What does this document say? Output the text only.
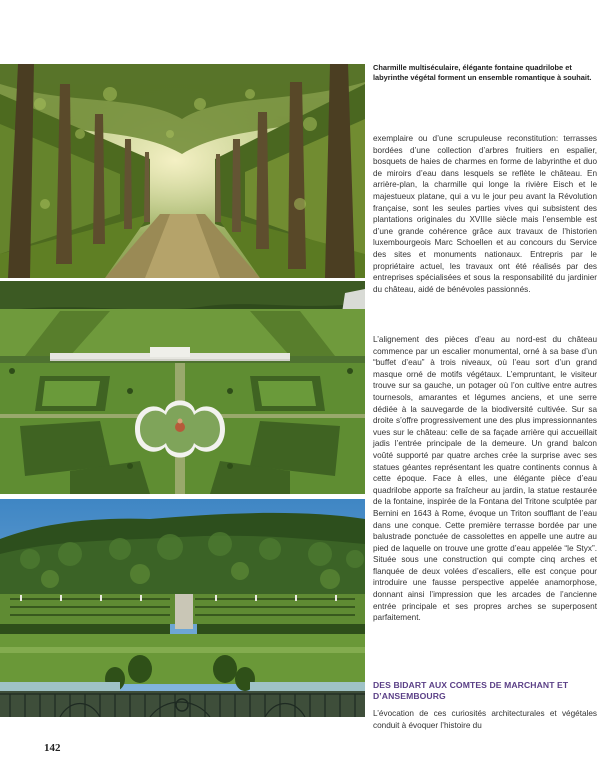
Charmille multiséculaire, élégante fontaine quadrilobe et labyrinthe végétal forment un ensemble romantique à souhait.

exemplaire ou d’une scrupuleuse reconstitution: terrasses bordées d’une collection d’arbres fruitiers en espalier, bosquets de haies de charmes en forme de labyrinthe et duo de miroirs d’eau dans lesquels se reflète le château. En arrière-plan, la charmille qui longe la rivière Eisch et le majestueux platane, qui a vu le jour peu avant la Révolution française, sont les seules parties vives qui subsistent des plantations originales du XVIIIe siècle mais l’ensemble est d’une grande cohérence grâce aux travaux de l’historien luxembourgeois Marc Schoellen et au concours du Service des sites et monuments nationaux. Entrepris par le propriétaire actuel, les travaux ont été réalisés par des entreprises spécialisées et sous la responsabilité du jardinier du château, aidé de bénévoles passionnés.

L’alignement des pièces d’eau au nord-est du château commence par un escalier monumental, orné à sa base d’un “buffet d’eau” à trois niveaux, où l’eau sort d’un grand masque orné de motifs végétaux. L’empruntant, le visiteur trouve sur sa gauche, un potager où l’on cultive entre autres tournesols, amarantes et légumes anciens, et une serre dédiée à la sauvegarde de la biodiversité cultivée. Sur sa droite s’offre progressivement une des plus impressionnantes vues sur le château: celle de sa façade arrière qui accueillait jadis l’entrée principale de la demeure. Un grand balcon voûté supporté par quatre arches crée la surprise avec ses statues géantes représentant les quatre continents connus à cette époque. Face à elles, une élégante pièce d’eau quadrilobe apporte sa fraîcheur au jardin, la statue restaurée de la fontaine, inspirée de la Fontana del Tritone sculptée par Bernini en 1643 à Rome, évoque un Triton soufflant de l’eau dans une conque. Cette première terrasse bordée par une balustrade ponctuée de cassolettes en appelle une autre au pied de laquelle on trouve une grotte d’eau appelée “le Styx”. Située sous une construction qui compte cinq arches et flanquée de deux volées d’escaliers, elle est conçue pour introduire une fausse perspective appelée anamorphose, donnant ainsi l’impression que les arcades de l’ancienne entrée principale et ses propres arches se superposent parfaitement.

DES BIDART AUX COMTES DE MARCHANT ET D’ANSEMBOURG

L’évocation de ces curiosités architecturales et végétales conduit à évoquer l’histoire du

142
